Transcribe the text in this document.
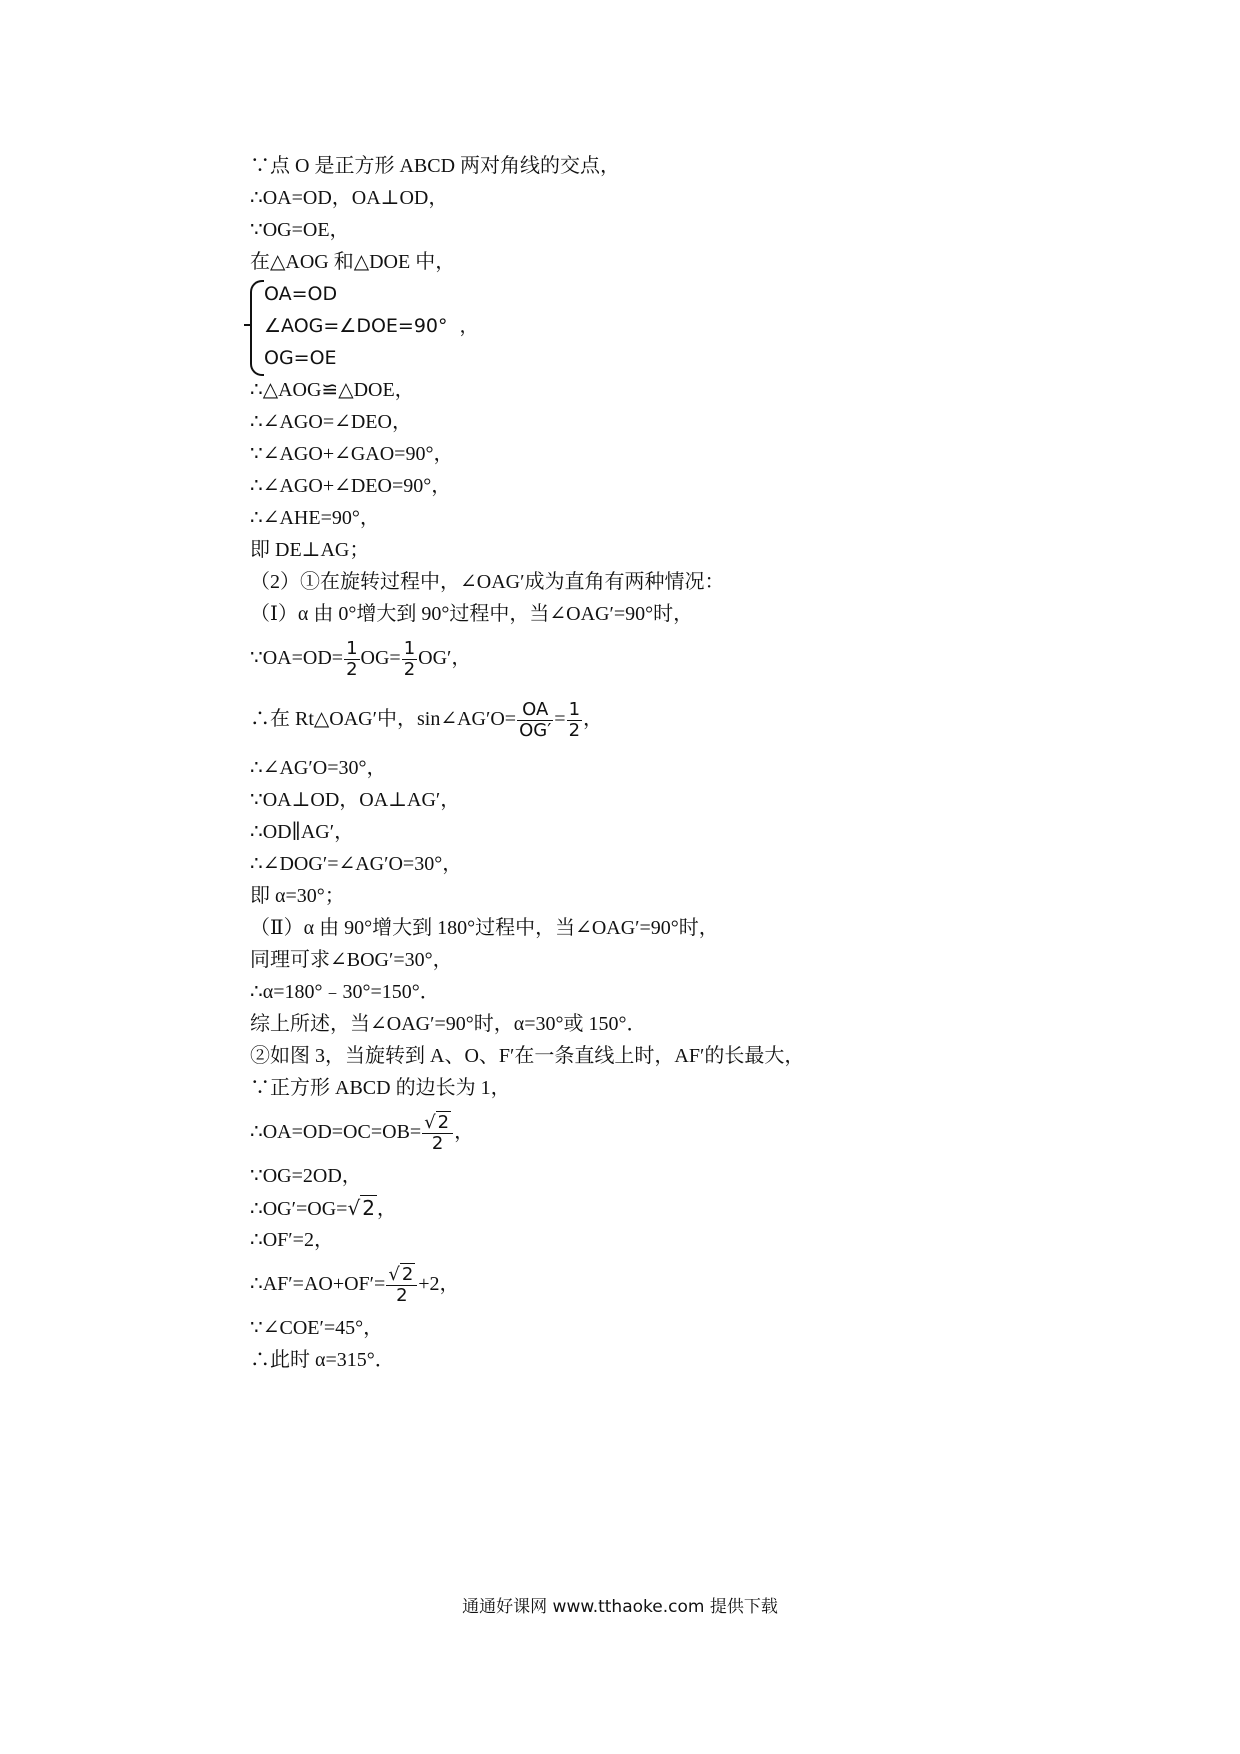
∵点 O 是正方形 ABCD 两对角线的交点，
∴OA=OD，OA⊥OD，
∵OG=OE，
在△AOG 和△DOE 中，
OA=OD
∠AOG=∠DOE=90° ，
OG=OE
∴△AOG≌△DOE，
∴∠AGO=∠DEO，
∵∠AGO+∠GAO=90°，
∴∠AGO+∠DEO=90°，
∴∠AHE=90°，
即 DE⊥AG；
（2）①在旋转过程中，∠OAG′成为直角有两种情况：
（Ⅰ）α 由 0°增大到 90°过程中，当∠OAG′=90°时，
∵OA=OD= $\frac{1}{2} OG= \frac{1}{2} OG'$，
∴在 Rt△OAG′中，sin∠AG′O= $\frac{OA}{OG'} = \frac{1}{2}$ ，
∴∠AG′O=30°，
∵OA⊥OD，OA⊥AG′，
∴OD∥AG′，
∴∠DOG′=∠AG′O=30°，
即 α=30°；
（Ⅱ）α 由 90°增大到 180°过程中，当∠OAG′=90°时，
同理可求∠BOG′=30°，
∴α=180°﹣30°=150°．
综上所述，当∠OAG′=90°时，α=30°或 150°．
②如图 3，当旋转到 A、O、F′在一条直线上时，AF′的长最大，
∵正方形 ABCD 的边长为 1，
∴OA=OD=OC=OB= $\frac{√ 2}{2}$ ，
∵OG=2OD，
∴OG′=OG=√ 2 ，
∴OF′=2，
∴AF′=AO+OF′= $\frac{√ 2}{2} +2$，
∵∠COE′=45°，
∴此时 α=315°．
通通好课网 www.tthaoke.com 提供下载
